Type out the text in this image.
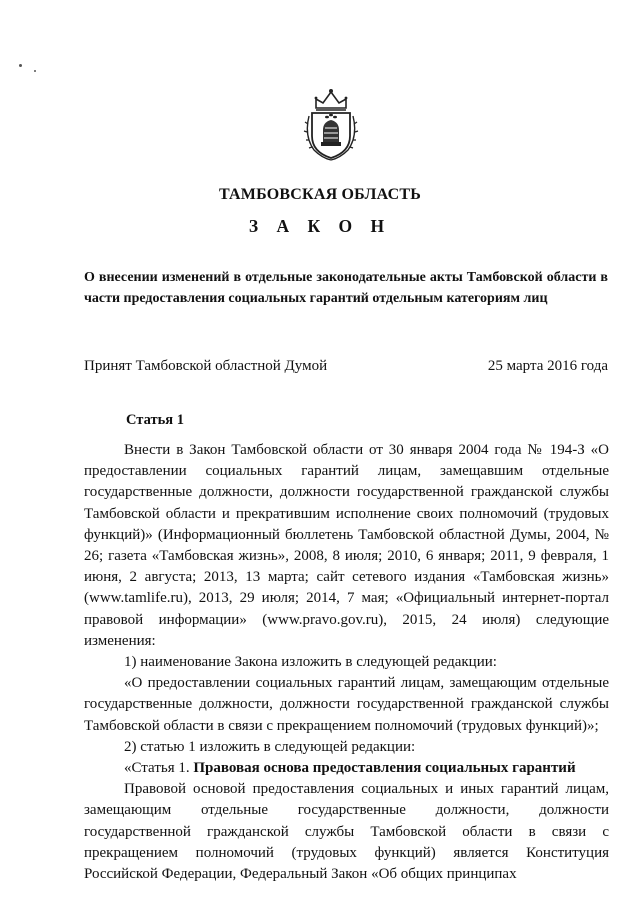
ТАМБОВСКАЯ ОБЛАСТЬ
З А К О Н
О внесении изменений в отдельные законодательные акты Тамбовской области в части предоставления социальных гарантий отдельным категориям лиц
Принят Тамбовской областной Думой	25 марта 2016 года
Статья 1

Внести в Закон Тамбовской области от 30 января 2004 года № 194-З «О предоставлении социальных гарантий лицам, замещавшим отдельные государственные должности, должности государственной гражданской службы Тамбовской области и прекратившим исполнение своих полномочий (трудовых функций)» (Информационный бюллетень Тамбовской областной Думы, 2004, № 26; газета «Тамбовская жизнь», 2008, 8 июля; 2010, 6 января; 2011, 9 февраля, 1 июня, 2 августа; 2013, 13 марта; сайт сетевого издания «Тамбовская жизнь» (www.tamlife.ru), 2013, 29 июля; 2014, 7 мая; «Официальный интернет-портал правовой информации» (www.pravo.gov.ru), 2015, 24 июля) следующие изменения:

1) наименование Закона изложить в следующей редакции:

«О предоставлении социальных гарантий лицам, замещающим отдельные государственные должности, должности государственной гражданской службы Тамбовской области в связи с прекращением полномочий (трудовых функций)»;

2) статью 1 изложить в следующей редакции:

«Статья 1. Правовая основа предоставления социальных гарантий

Правовой основой предоставления социальных и иных гарантий лицам, замещающим отдельные государственные должности, должности государственной гражданской службы Тамбовской области в связи с прекращением полномочий (трудовых функций) является Конституция Российской Федерации, Федеральный Закон «Об общих принципах
